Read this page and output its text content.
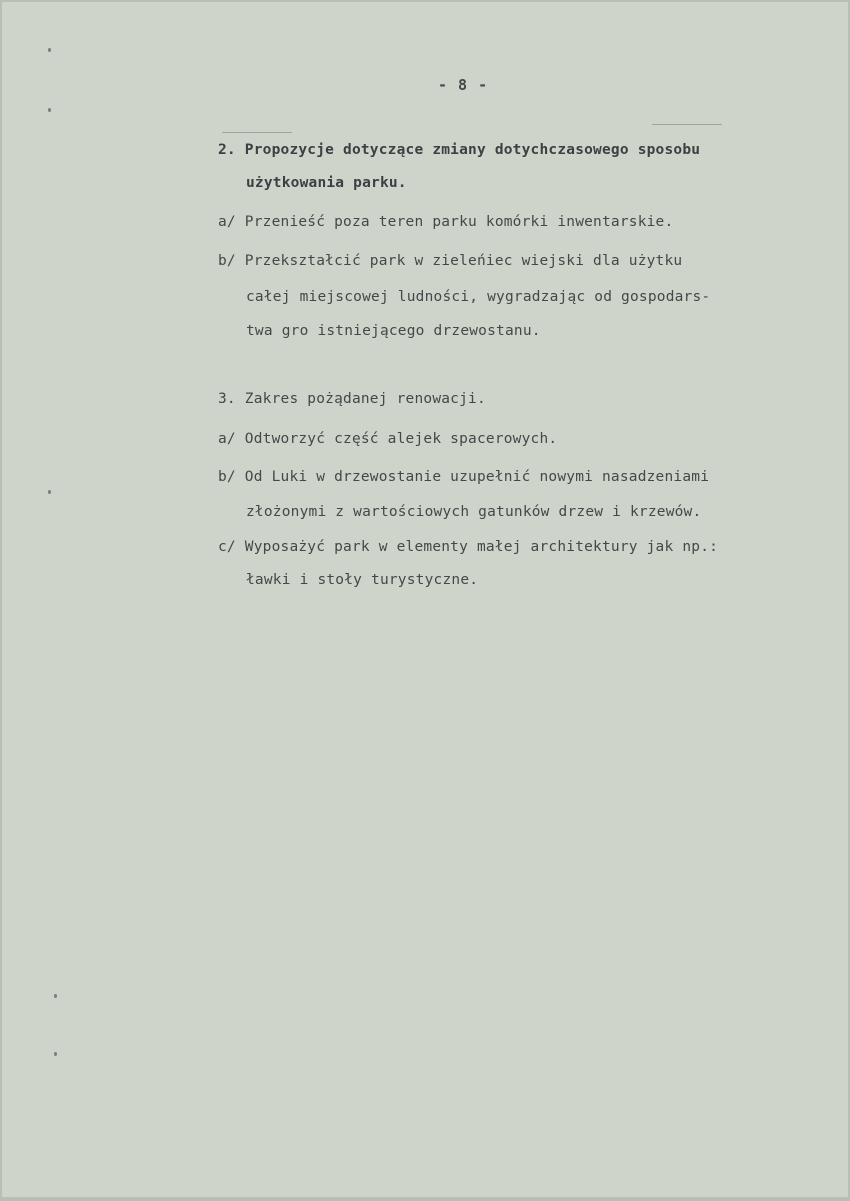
- 8 -
2. Propozycje dotyczące zmiany dotychczasowego sposobu
użytkowania parku.
a/ Przenieść poza teren parku komórki inwentarskie.
b/ Przekształcić park w zieleńiec wiejski dla użytku
całej miejscowej ludności, wygradzając od gospodars-
twa gro istniejącego drzewostanu.
3. Zakres pożądanej renowacji.
a/ Odtworzyć część alejek spacerowych.
b/ Od Luki w drzewostanie uzupełnić nowymi nasadzeniami
złożonymi z wartościowych gatunków drzew i krzewów.
c/ Wyposażyć park w elementy małej architektury jak np.:
ławki i stoły turystyczne.
